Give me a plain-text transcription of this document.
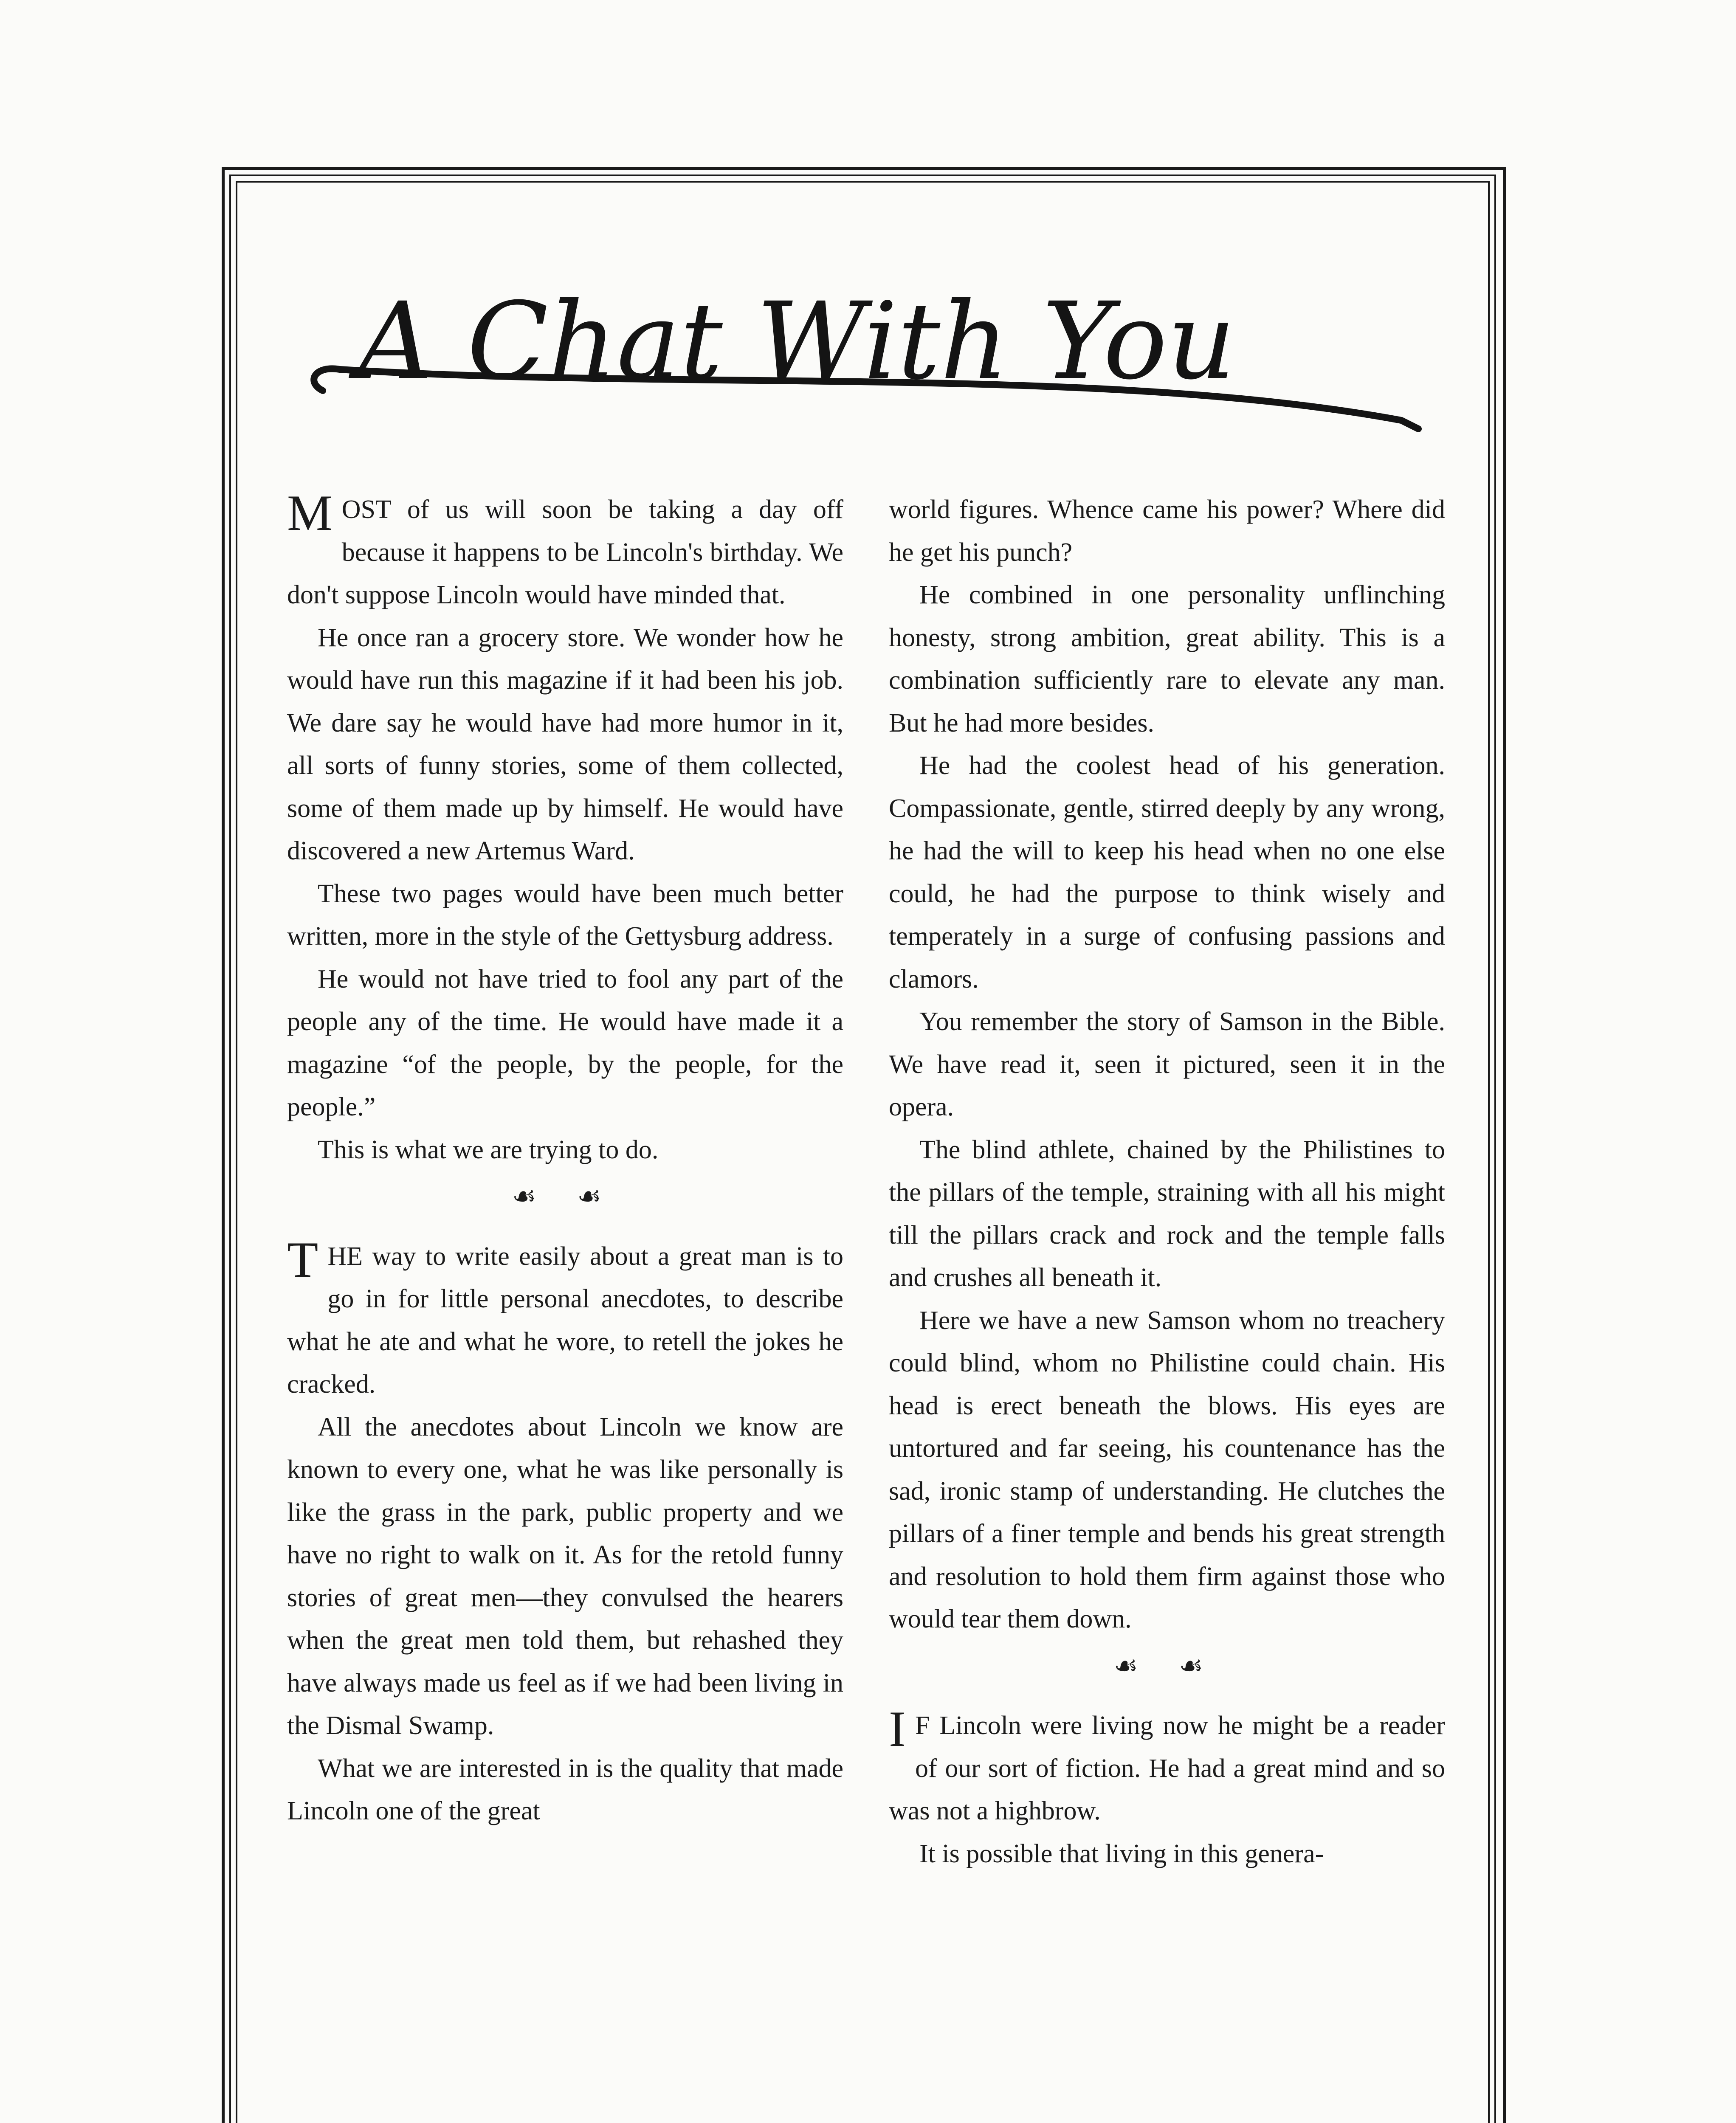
A Chat With You

MOST of us will soon be taking a day off because it happens to be Lincoln's birthday. We don't suppose Lincoln would have minded that.

He once ran a grocery store. We wonder how he would have run this magazine if it had been his job. We dare say he would have had more humor in it, all sorts of funny stories, some of them collected, some of them made up by himself. He would have discovered a new Artemus Ward.

These two pages would have been much better written, more in the style of the Gettysburg address.

He would not have tried to fool any part of the people any of the time. He would have made it a magazine “of the people, by the people, for the people.”

This is what we are trying to do.

☙ ☙

THE way to write easily about a great man is to go in for little personal anecdotes, to describe what he ate and what he wore, to retell the jokes he cracked.

All the anecdotes about Lincoln we know are known to every one, what he was like personally is like the grass in the park, public property and we have no right to walk on it. As for the retold funny stories of great men—they convulsed the hearers when the great men told them, but rehashed they have always made us feel as if we had been living in the Dismal Swamp.

What we are interested in is the quality that made Lincoln one of the great

world figures. Whence came his power? Where did he get his punch?

He combined in one personality unflinching honesty, strong ambition, great ability. This is a combination sufficiently rare to elevate any man. But he had more besides.

He had the coolest head of his generation. Compassionate, gentle, stirred deeply by any wrong, he had the will to keep his head when no one else could, he had the purpose to think wisely and temperately in a surge of confusing passions and clamors.

You remember the story of Samson in the Bible. We have read it, seen it pictured, seen it in the opera.

The blind athlete, chained by the Philistines to the pillars of the temple, straining with all his might till the pillars crack and rock and the temple falls and crushes all beneath it.

Here we have a new Samson whom no treachery could blind, whom no Philistine could chain. His head is erect beneath the blows. His eyes are untortured and far seeing, his countenance has the sad, ironic stamp of understanding. He clutches the pillars of a finer temple and bends his great strength and resolution to hold them firm against those who would tear them down.

☙ ☙

I F Lincoln were living now he might be a reader of our sort of fiction. He had a great mind and so was not a highbrow.

It is possible that living in this genera-
